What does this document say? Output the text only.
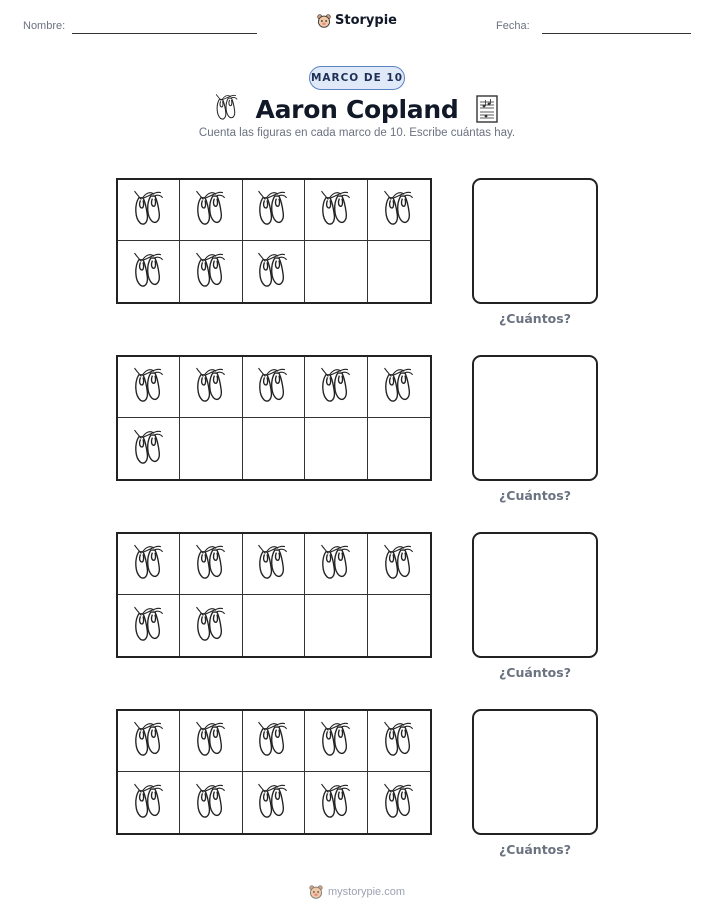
Nombre:	Storypie	Fecha:
MARCO DE 10
Aaron Copland
Cuenta las figuras en cada marco de 10. Escribe cuántas hay.
¿Cuántos?
¿Cuántos?
¿Cuántos?
¿Cuántos?
mystorypie.com
